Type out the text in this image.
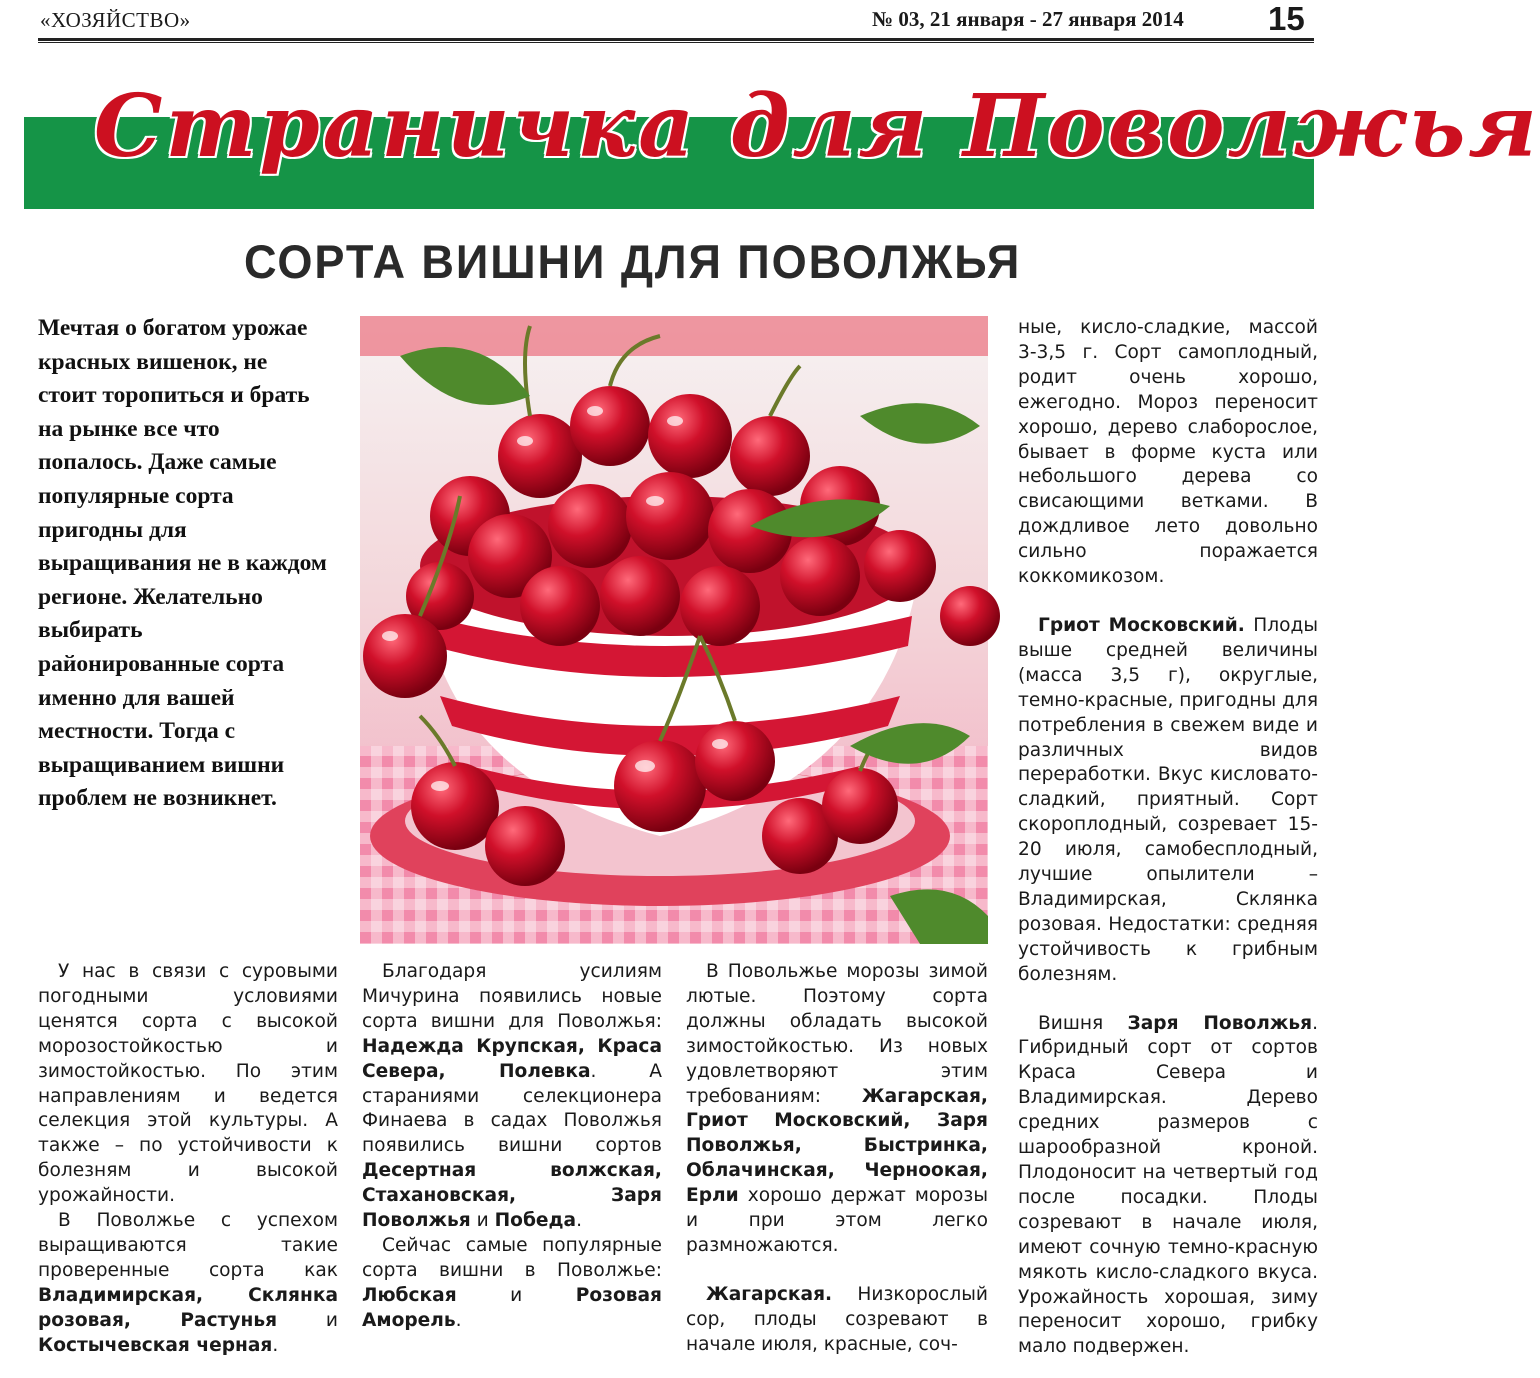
«ХОЗЯЙСТВО»	№ 03, 21 января - 27 января 2014	15
Страничка для Поволжья
СОРТА ВИШНИ ДЛЯ ПОВОЛЖЬЯ
Мечтая о богатом урожае красных вишенок, не стоит торопиться и брать на рынке все что попалось. Даже самые популярные сорта пригодны для выращивания не в каждом регионе. Желательно выбирать районированные сорта именно для вашей местности. Тогда с выращиванием вишни проблем не возникнет.

У нас в связи с суровыми погодными условиями ценятся сорта с высокой морозостойкостью и зимостойкостью. По этим направлениям и ведется селекция этой культуры. А также – по устойчивости к болезням и высокой урожайности.

В Поволжье с успехом выращиваются такие проверенные сорта как Владимирская, Склянка розовая, Растунья и Костычевская черная.

Благодаря усилиям Мичурина появились новые сорта вишни для Поволжья: Надежда Крупская, Краса Севера, Полевка. А стараниями селекционера Финаева в садах Поволжья появились вишни сортов Десертная волжская, Стахановская, Заря Поволжья и Победа.

Сейчас самые популярные сорта вишни в Поволжье: Любская и Розовая Аморель.

В Повольжье морозы зимой лютые. Поэтому сорта должны обладать высокой зимостойкостью. Из новых удовлетворяют этим требованиям: Жагарская, Гриот Московский, Заря Поволжья, Быстринка, Облачинская, Черноокая, Ерли хорошо держат морозы и при этом легко размножаются.

Жагарская. Низкорослый сор, плоды созревают в начале июля, красные, соч-

ные, кисло-сладкие, массой 3-3,5 г. Сорт самоплодный, родит очень хорошо, ежегодно. Мороз переносит хорошо, дерево слаборослое, бывает в форме куста или небольшого дерева со свисающими ветками. В дождливое лето довольно сильно поражается коккомикозом.

Гриот Московский. Плоды выше средней величины (масса 3,5 г), округлые, темно-красные, пригодны для потребления в свежем виде и различных видов переработки. Вкус кисловато-сладкий, приятный. Сорт скороплодный, созревает 15-20 июля, самобесплодный, лучшие опылители – Владимирская, Склянка розовая. Недостатки: средняя устойчивость к грибным болезням.

Вишня Заря Поволжья. Гибридный сорт от сортов Краса Севера и Владимирская. Дерево средних размеров с шарообразной кроной. Плодоносит на четвертый год после посадки. Плоды созревают в начале июля, имеют сочную темно-красную мякоть кисло-сладкого вкуса. Урожайность хорошая, зиму переносит хорошо, грибку мало подвержен.
